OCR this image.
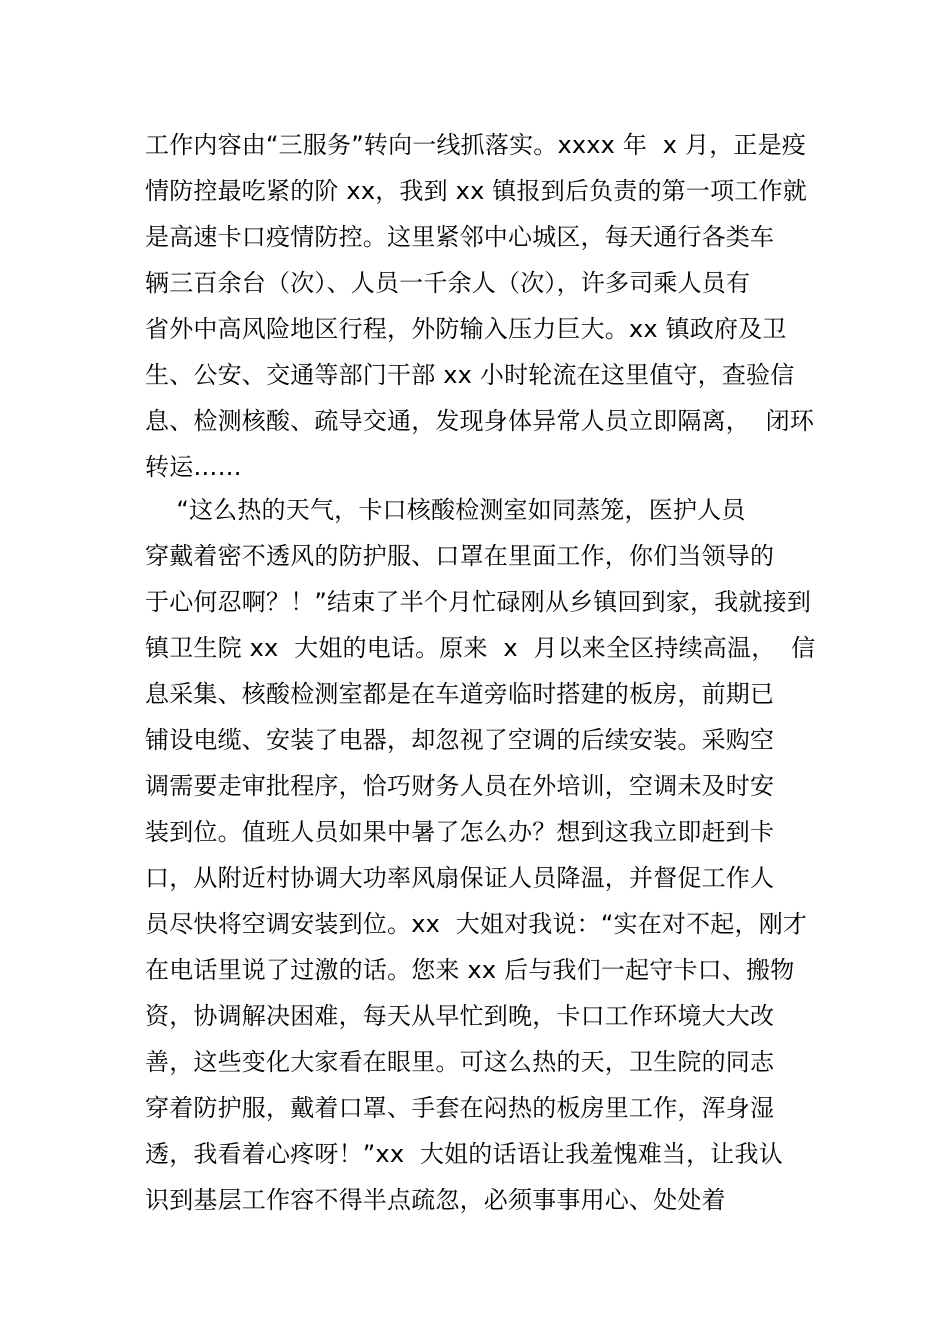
工作内容由“三服务”转向一线抓落实。xxxx 年  x 月，正是疫
情防控最吃紧的阶 xx，我到 xx 镇报到后负责的第一项工作就
是高速卡口疫情防控。这里紧邻中心城区，每天通行各类车
辆三百余台（次）、人员一千余人（次），许多司乘人员有
省外中高风险地区行程，外防输入压力巨大。xx 镇政府及卫
生、公安、交通等部门干部 xx 小时轮流在这里值守，查验信
息、检测核酸、疏导交通，发现身体异常人员立即隔离，  闭环
转运……
“这么热的天气，卡口核酸检测室如同蒸笼，医护人员
穿戴着密不透风的防护服、口罩在里面工作，你们当领导的
于心何忍啊？！”结束了半个月忙碌刚从乡镇回到家，我就接到
镇卫生院 xx  大姐的电话。原来  x  月以来全区持续高温，  信
息采集、核酸检测室都是在车道旁临时搭建的板房，前期已
铺设电缆、安装了电器，却忽视了空调的后续安装。采购空
调需要走审批程序，恰巧财务人员在外培训，空调未及时安
装到位。值班人员如果中暑了怎么办？想到这我立即赶到卡
口，从附近村协调大功率风扇保证人员降温，并督促工作人
员尽快将空调安装到位。xx  大姐对我说：“实在对不起，刚才
在电话里说了过激的话。您来 xx 后与我们一起守卡口、搬物
资，协调解决困难，每天从早忙到晚，卡口工作环境大大改
善，这些变化大家看在眼里。可这么热的天，卫生院的同志
穿着防护服，戴着口罩、手套在闷热的板房里工作，浑身湿
透，我看着心疼呀！”xx  大姐的话语让我羞愧难当，让我认
识到基层工作容不得半点疏忽，必须事事用心、处处着
